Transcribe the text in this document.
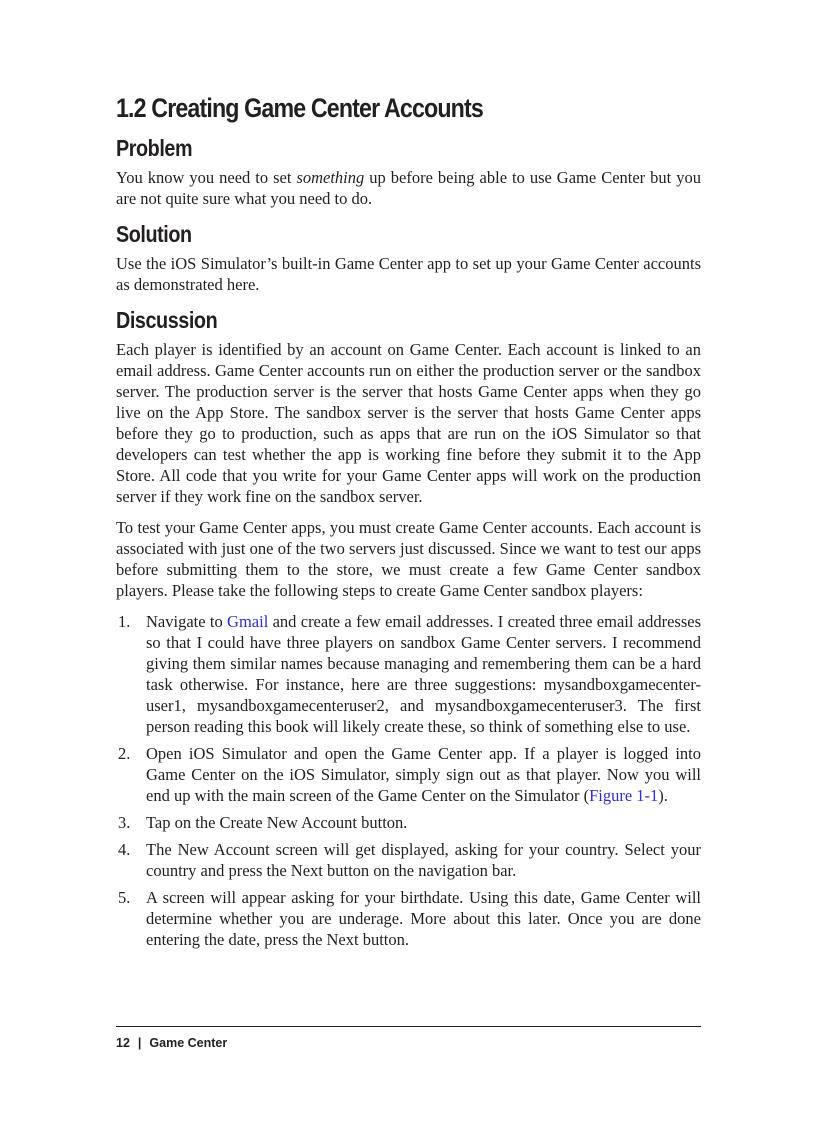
1.2 Creating Game Center Accounts
Problem

You know you need to set something up before being able to use Game Center but you are not quite sure what you need to do.

Solution

Use the iOS Simulator’s built-in Game Center app to set up your Game Center accounts as demonstrated here.

Discussion

Each player is identified by an account on Game Center. Each account is linked to an email address. Game Center accounts run on either the production server or the sandbox server. The production server is the server that hosts Game Center apps when they go live on the App Store. The sandbox server is the server that hosts Game Center apps before they go to production, such as apps that are run on the iOS Simulator so that developers can test whether the app is working fine before they submit it to the App Store. All code that you write for your Game Center apps will work on the production server if they work fine on the sandbox server.

To test your Game Center apps, you must create Game Center accounts. Each account is associated with just one of the two servers just discussed. Since we want to test our apps before submitting them to the store, we must create a few Game Center sandbox players. Please take the following steps to create Game Center sandbox players:

1. Navigate to Gmail and create a few email addresses. I created three email addresses so that I could have three players on sandbox Game Center servers. I recommend giving them similar names because managing and remembering them can be a hard task otherwise. For instance, here are three suggestions: mysandboxgamecenter-user1, mysandboxgamecenteruser2, and mysandboxgamecenteruser3. The first person reading this book will likely create these, so think of something else to use.
2. Open iOS Simulator and open the Game Center app. If a player is logged into Game Center on the iOS Simulator, simply sign out as that player. Now you will end up with the main screen of the Game Center on the Simulator (Figure 1-1).
3. Tap on the Create New Account button.
4. The New Account screen will get displayed, asking for your country. Select your country and press the Next button on the navigation bar.
5. A screen will appear asking for your birthdate. Using this date, Game Center will determine whether you are underage. More about this later. Once you are done entering the date, press the Next button.
12 | Game Center
